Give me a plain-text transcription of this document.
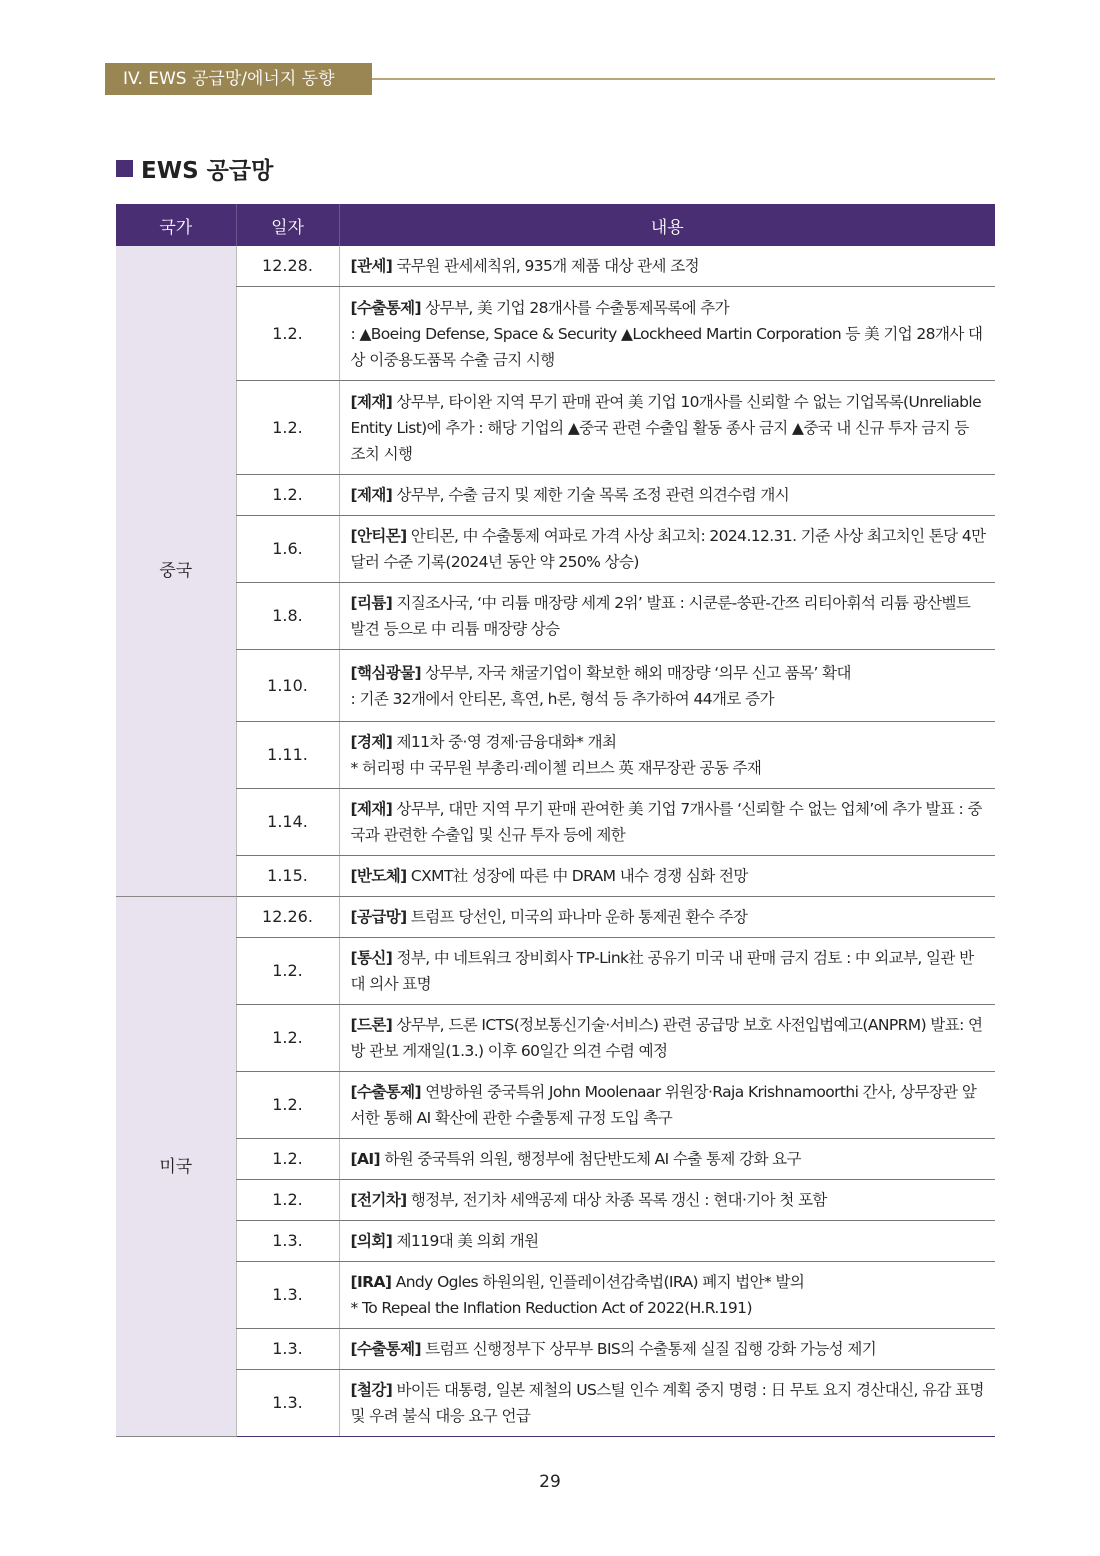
IV. EWS 공급망/에너지 동향
EWS 공급망
국가	일자	내용
중국	12.28.	[관세] 국무원 관세세칙위, 935개 제품 대상 관세 조정
	1.2.	[수출통제] 상무부, 美 기업 28개사를 수출통제목록에 추가
: ▲Boeing Defense, Space & Security ▲Lockheed Martin Corporation 등 美 기업 28개사 대상 이중용도품목 수출 금지 시행
	1.2.	[제재] 상무부, 타이완 지역 무기 판매 관여 美 기업 10개사를 신뢰할 수 없는 기업목록(Unreliable Entity List)에 추가 : 해당 기업의 ▲중국 관련 수출입 활동 종사 금지 ▲중국 내 신규 투자 금지 등 조치 시행
	1.2.	[제재] 상무부, 수출 금지 및 제한 기술 목록 조정 관련 의견수렴 개시
	1.6.	[안티몬] 안티몬, 中 수출통제 여파로 가격 사상 최고치: 2024.12.31. 기준 사상 최고치인 톤당 4만 달러 수준 기록(2024년 동안 약 250% 상승)
	1.8.	[리튬] 지질조사국, ‘中 리튬 매장량 세계 2위’ 발표 : 시쿤룬-쑹판-간쯔 리티아휘석 리튬 광산벨트 발견 등으로 中 리튬 매장량 상승
	1.10.	[핵심광물] 상무부, 자국 채굴기업이 확보한 해외 매장량 ‘의무 신고 품목’ 확대
: 기존 32개에서 안티몬, 흑연, h론, 형석 등 추가하여 44개로 증가
	1.11.	[경제] 제11차 중·영 경제·금융대화* 개최
* 허리펑 中 국무원 부총리·레이첼 리브스 英 재무장관 공동 주재
	1.14.	[제재] 상무부, 대만 지역 무기 판매 관여한 美 기업 7개사를 ‘신뢰할 수 없는 업체’에 추가 발표 : 중국과 관련한 수출입 및 신규 투자 등에 제한
	1.15.	[반도체] CXMT社 성장에 따른 中 DRAM 내수 경쟁 심화 전망
미국	12.26.	[공급망] 트럼프 당선인, 미국의 파나마 운하 통제권 환수 주장
	1.2.	[통신] 정부, 中 네트워크 장비회사 TP-Link社 공유기 미국 내 판매 금지 검토 : 中 외교부, 일관 반대 의사 표명
	1.2.	[드론] 상무부, 드론 ICTS(정보통신기술·서비스) 관련 공급망 보호 사전입법예고(ANPRM) 발표: 연방 관보 게재일(1.3.) 이후 60일간 의견 수렴 예정
	1.2.	[수출통제] 연방하원 중국특위 John Moolenaar 위원장·Raja Krishnamoorthi 간사, 상무장관 앞 서한 통해 AI 확산에 관한 수출통제 규정 도입 촉구
	1.2.	[AI] 하원 중국특위 의원, 행정부에 첨단반도체 AI 수출 통제 강화 요구
	1.2.	[전기차] 행정부, 전기차 세액공제 대상 차종 목록 갱신 : 현대·기아 첫 포함
	1.3.	[의회] 제119대 美 의회 개원
	1.3.	[IRA] Andy Ogles 하원의원, 인플레이션감축법(IRA) 폐지 법안* 발의
* To Repeal the Inflation Reduction Act of 2022(H.R.191)
	1.3.	[수출통제] 트럼프 신행정부下 상무부 BIS의 수출통제 실질 집행 강화 가능성 제기
	1.3.	[철강] 바이든 대통령, 일본 제철의 US스틸 인수 계획 중지 명령 : 日 무토 요지 경산대신, 유감 표명 및 우려 불식 대응 요구 언급
29
